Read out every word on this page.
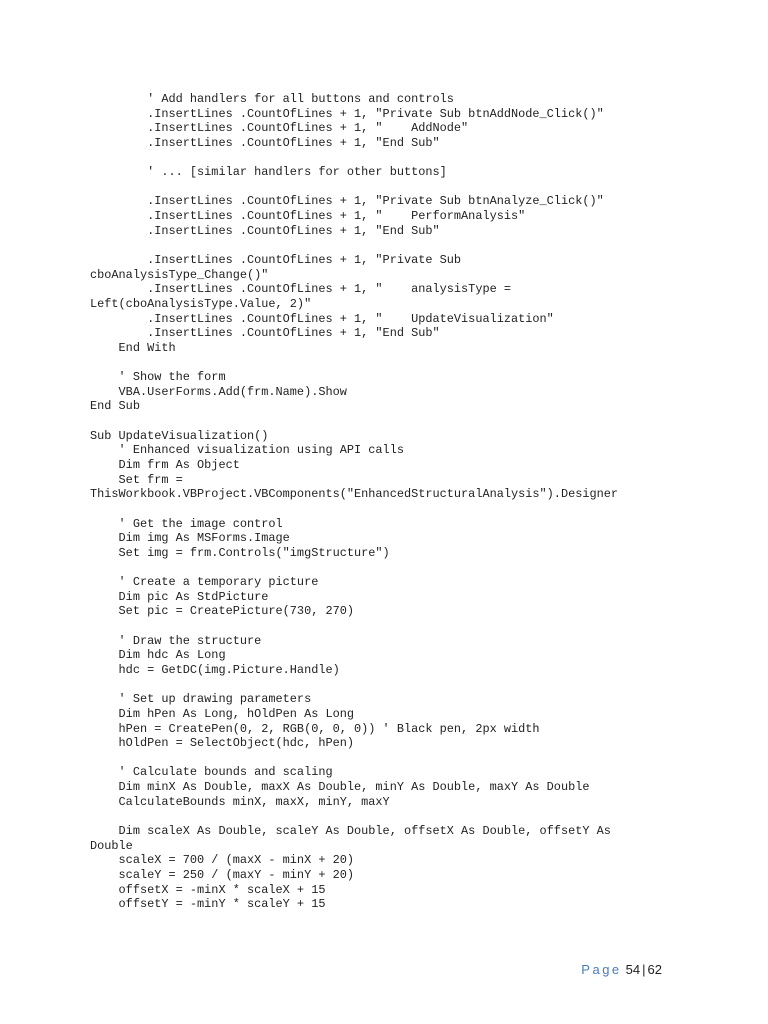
' Add handlers for all buttons and controls
.InsertLines .CountOfLines + 1, "Private Sub btnAddNode_Click()"
.InsertLines .CountOfLines + 1, "    AddNode"
.InsertLines .CountOfLines + 1, "End Sub"
' ... [similar handlers for other buttons]
.InsertLines .CountOfLines + 1, "Private Sub btnAnalyze_Click()"
.InsertLines .CountOfLines + 1, "    PerformAnalysis"
.InsertLines .CountOfLines + 1, "End Sub"
.InsertLines .CountOfLines + 1, "Private Sub
cboAnalysisType_Change()"
.InsertLines .CountOfLines + 1, "    analysisType =
Left(cboAnalysisType.Value, 2)"
.InsertLines .CountOfLines + 1, "    UpdateVisualization"
.InsertLines .CountOfLines + 1, "End Sub"
End With
' Show the form
VBA.UserForms.Add(frm.Name).Show
End Sub
Sub UpdateVisualization()
' Enhanced visualization using API calls
Dim frm As Object
Set frm =
ThisWorkbook.VBProject.VBComponents("EnhancedStructuralAnalysis").Designer
' Get the image control
Dim img As MSForms.Image
Set img = frm.Controls("imgStructure")
' Create a temporary picture
Dim pic As StdPicture
Set pic = CreatePicture(730, 270)
' Draw the structure
Dim hdc As Long
hdc = GetDC(img.Picture.Handle)
' Set up drawing parameters
Dim hPen As Long, hOldPen As Long
hPen = CreatePen(0, 2, RGB(0, 0, 0)) ' Black pen, 2px width
hOldPen = SelectObject(hdc, hPen)
' Calculate bounds and scaling
Dim minX As Double, maxX As Double, minY As Double, maxY As Double
CalculateBounds minX, maxX, minY, maxY
Dim scaleX As Double, scaleY As Double, offsetX As Double, offsetY As
Double
scaleX = 700 / (maxX - minX + 20)
scaleY = 250 / (maxY - minY + 20)
offsetX = -minX * scaleX + 15
offsetY = -minY * scaleY + 15
Page 54 | 62
